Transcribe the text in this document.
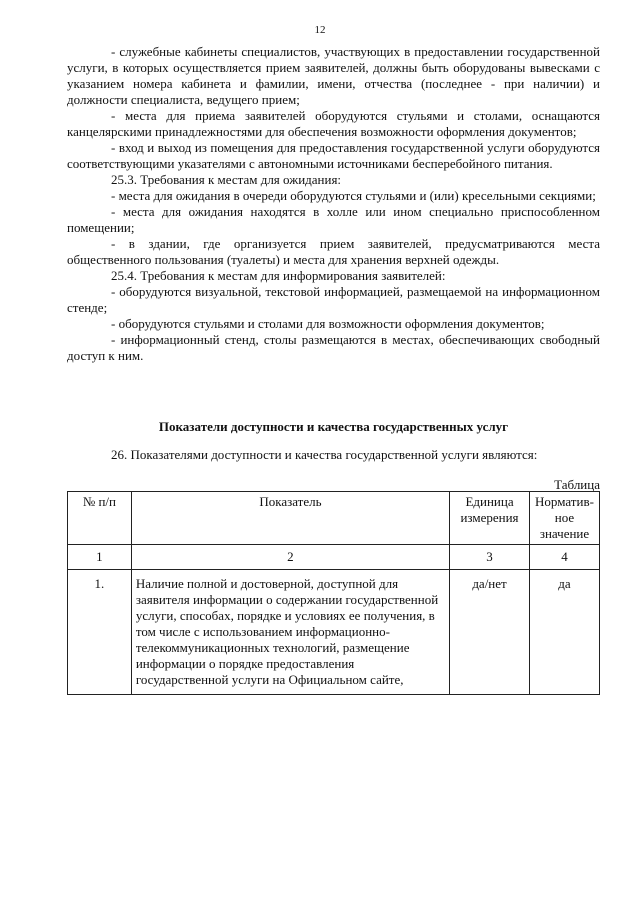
12

- служебные кабинеты специалистов, участвующих в предоставлении государственной услуги, в которых осуществляется прием заявителей, должны быть оборудованы вывесками с указанием номера кабинета и фамилии, имени, отчества (последнее - при наличии) и должности специалиста, ведущего прием;

- места для приема заявителей оборудуются стульями и столами, оснащаются канцелярскими принадлежностями для обеспечения возможности оформления документов;

- вход и выход из помещения для предоставления государственной услуги оборудуются соответствующими указателями с автономными источниками бесперебойного питания.

25.3. Требования к местам для ожидания:

- места для ожидания в очереди оборудуются стульями и (или) кресельными секциями;

- места для ожидания находятся в холле или ином специально приспособленном помещении;

- в здании, где организуется прием заявителей, предусматриваются места общественного пользования (туалеты) и места для хранения верхней одежды.

25.4. Требования к местам для информирования заявителей:

- оборудуются визуальной, текстовой информацией, размещаемой на информационном стенде;

- оборудуются стульями и столами для возможности оформления документов;

- информационный стенд, столы размещаются в местах, обеспечивающих свободный доступ к ним.

Показатели доступности и качества государственных услуг

26. Показателями доступности и качества государственной услуги являются:

Таблица
№ п/п	Показатель	Единица измерения	Нормативное значение
1	2	3	4
1.	Наличие полной и достоверной, доступной для заявителя информации о содержании государственной услуги, способах, порядке и условиях ее получения, в том числе с использованием информационно-телекоммуникационных технологий, размещение информации о порядке предоставления государственной услуги на Официальном сайте,	да/нет	да
